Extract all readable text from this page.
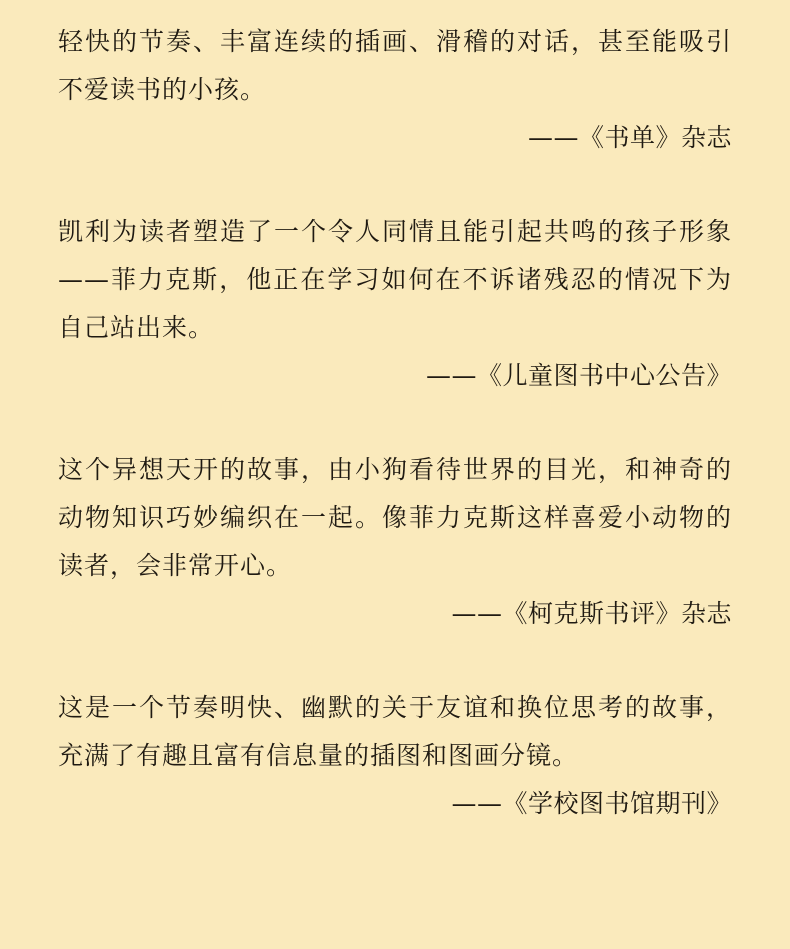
轻快的节奏、丰富连续的插画、滑稽的对话，甚至能吸引不爱读书的小孩。
——《书单》杂志
凯利为读者塑造了一个令人同情且能引起共鸣的孩子形象——菲力克斯，他正在学习如何在不诉诸残忍的情况下为自己站出来。
——《儿童图书中心公告》
这个异想天开的故事，由小狗看待世界的目光，和神奇的动物知识巧妙编织在一起。像菲力克斯这样喜爱小动物的读者，会非常开心。
——《柯克斯书评》杂志
这是一个节奏明快、幽默的关于友谊和换位思考的故事，充满了有趣且富有信息量的插图和图画分镜。
——《学校图书馆期刊》
